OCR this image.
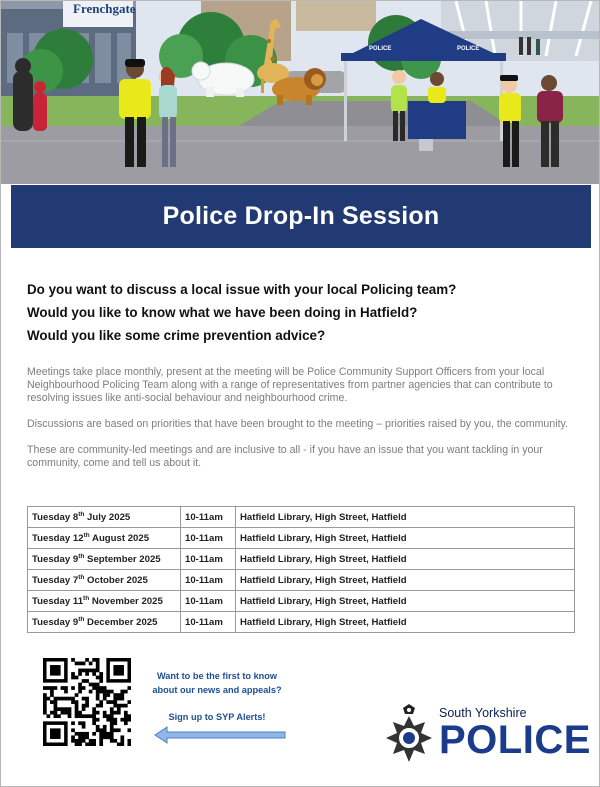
Frenchgate
POLICE	POLICE
Police Drop-In Session

Do you want to discuss a local issue with your local Policing team?

Would you like to know what we have been doing in Hatfield?

Would you like some crime prevention advice?

Meetings take place monthly, present at the meeting will be Police Community Support Officers from your local Neighbourhood Policing Team along with a range of representatives from partner agencies that can contribute to resolving issues like anti-social behaviour and neighbourhood crime.

Discussions are based on priorities that have been brought to the meeting – priorities raised by you, the community.

These are community-led meetings and are inclusive to all - if you have an issue that you want tackling in your community, come and tell us about it.

Tuesday 8th July 2025	10-11am	Hatfield Library, High Street, Hatfield
Tuesday 12th August 2025	10-11am	Hatfield Library, High Street, Hatfield
Tuesday 9th September 2025	10-11am	Hatfield Library, High Street, Hatfield
Tuesday 7th October 2025	10-11am	Hatfield Library, High Street, Hatfield
Tuesday 11th November 2025	10-11am	Hatfield Library, High Street, Hatfield
Tuesday 9th December 2025	10-11am	Hatfield Library, High Street, Hatfield
Want to be the first to know
about our news and appeals?
Sign up to SYP Alerts!	South Yorkshire
POLICE
